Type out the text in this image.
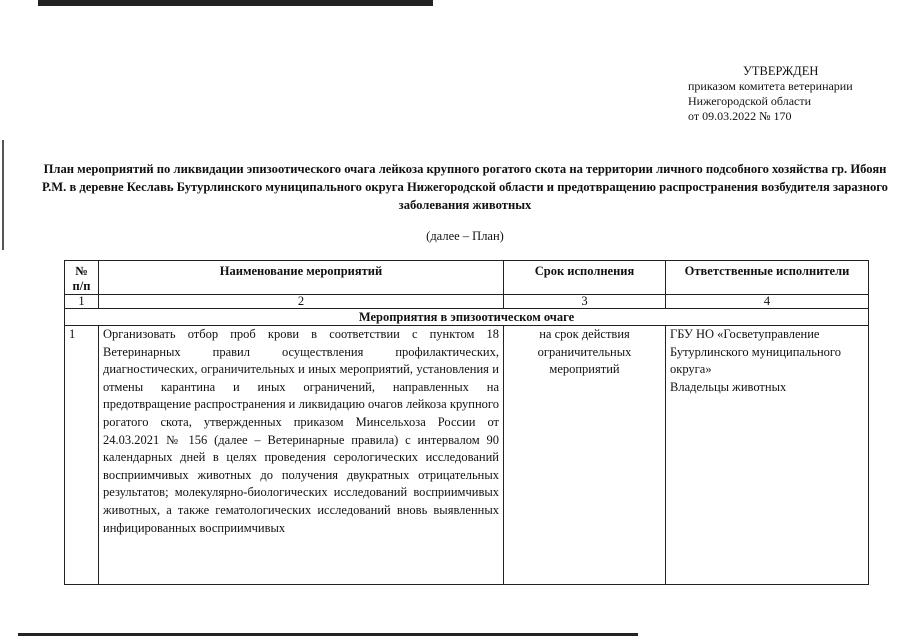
УТВЕРЖДЕН
приказом комитета ветеринарии
Нижегородской области
от 09.03.2022 № 170
План мероприятий по ликвидации эпизоотического очага лейкоза крупного рогатого скота на территории личного подсобного хозяйства гр. Ибоян Р.М. в деревне Кеславь Бутурлинского муниципального округа Нижегородской области и предотвращению распространения возбудителя заразного заболевания животных
(далее – План)
№ п/п	Наименование мероприятий	Срок исполнения	Ответственные исполнители
1	2	3	4
Мероприятия в эпизоотическом очаге			
1	Организовать отбор проб крови в соответствии с пунктом 18 Ветеринарных правил осуществления профилактических, диагностических, ограничительных и иных мероприятий, установления и отмены карантина и иных ограничений, направленных на предотвращение распространения и ликвидацию очагов лейкоза крупного рогатого скота, утвержденных приказом Минсельхоза России от 24.03.2021 № 156 (далее – Ветеринарные правила) с интервалом 90 календарных дней в целях проведения серологических исследований восприимчивых животных до получения двукратных отрицательных результатов; молекулярно-биологических исследований восприимчивых животных, а также гематологических исследований вновь выявленных инфицированных восприимчивых	на срок действия ограничительных мероприятий	ГБУ НО «Госветуправление Бутурлинского муниципального округа»
Владельцы животных
